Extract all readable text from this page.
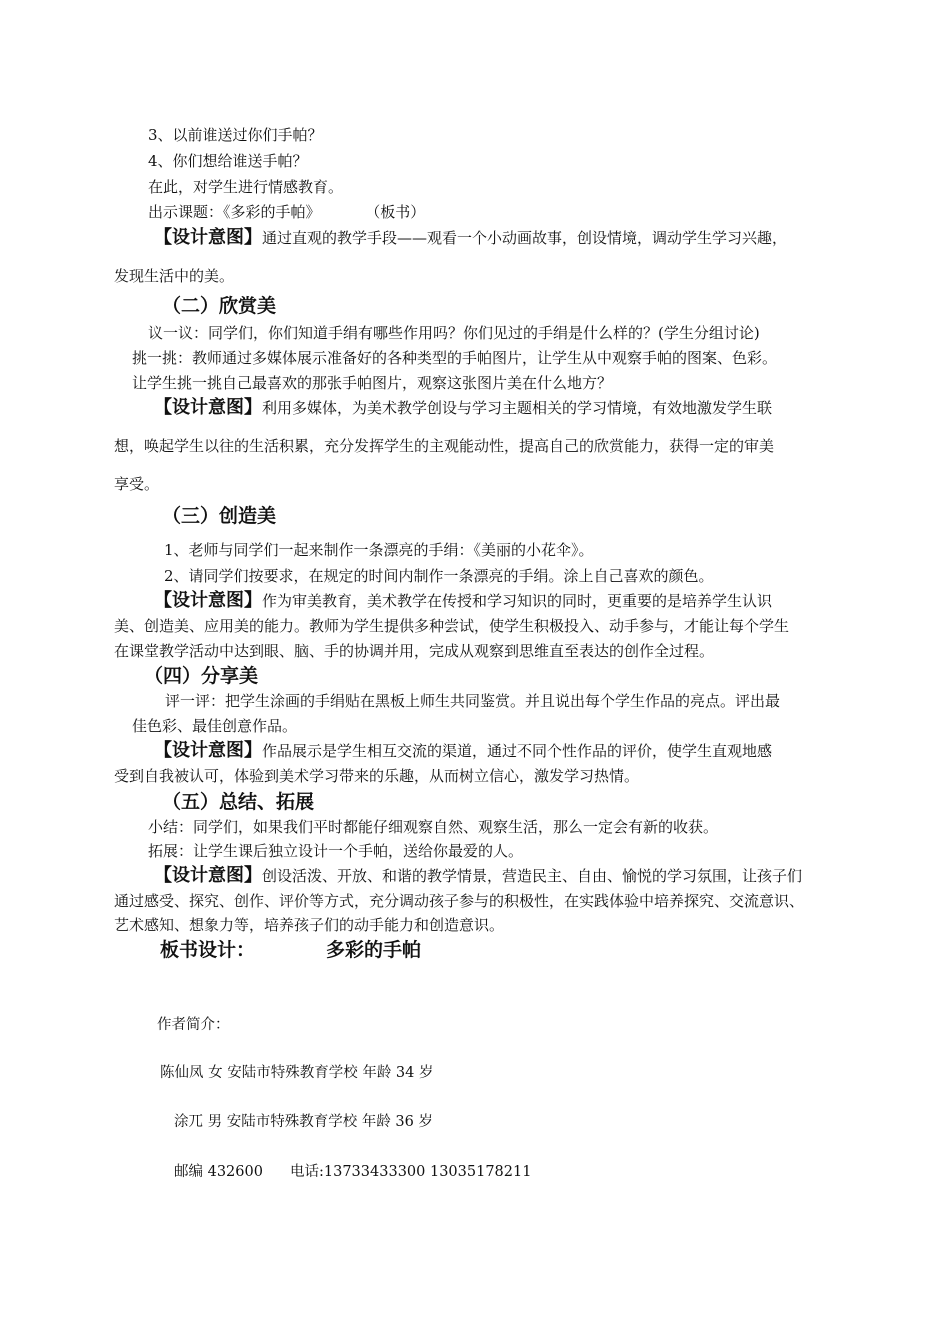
3、以前谁送过你们手帕？
4、你们想给谁送手帕？
在此，对学生进行情感教育。
出示课题：《多彩的手帕》	（板书）
【设计意图】通过直观的教学手段——观看一个小动画故事，创设情境，调动学生学习兴趣，
发现生活中的美。
（二）欣赏美
议一议：同学们，你们知道手绢有哪些作用吗？你们见过的手绢是什么样的？(学生分组讨论)
挑一挑：教师通过多媒体展示准备好的各种类型的手帕图片，让学生从中观察手帕的图案、色彩。
让学生挑一挑自己最喜欢的那张手帕图片，观察这张图片美在什么地方？
【设计意图】利用多媒体，为美术教学创设与学习主题相关的学习情境，有效地激发学生联
想，唤起学生以往的生活积累，充分发挥学生的主观能动性，提高自己的欣赏能力，获得一定的审美
享受。
（三）创造美
1、老师与同学们一起来制作一条漂亮的手绢：《美丽的小花伞》。
2、请同学们按要求，在规定的时间内制作一条漂亮的手绢。涂上自己喜欢的颜色。
【设计意图】作为审美教育，美术教学在传授和学习知识的同时，更重要的是培养学生认识
美、创造美、应用美的能力。教师为学生提供多种尝试，使学生积极投入、动手参与，才能让每个学生
在课堂教学活动中达到眼、脑、手的协调并用，完成从观察到思维直至表达的创作全过程。
（四）分享美
评一评：把学生涂画的手绢贴在黑板上师生共同鉴赏。并且说出每个学生作品的亮点。评出最
佳色彩、最佳创意作品。
【设计意图】作品展示是学生相互交流的渠道，通过不同个性作品的评价，使学生直观地感
受到自我被认可，体验到美术学习带来的乐趣，从而树立信心，激发学习热情。
（五）总结、拓展
小结：同学们，如果我们平时都能仔细观察自然、观察生活，那么一定会有新的收获。
拓展：让学生课后独立设计一个手帕，送给你最爱的人。
【设计意图】创设活泼、开放、和谐的教学情景，营造民主、自由、愉悦的学习氛围，让孩子们
通过感受、探究、创作、评价等方式，充分调动孩子参与的积极性，在实践体验中培养探究、交流意识、
艺术感知、想象力等，培养孩子们的动手能力和创造意识。
板书设计：	多彩的手帕
作者简介：
陈仙凤 女 安陆市特殊教育学校 年龄 34 岁
涂兀 男 安陆市特殊教育学校 年龄 36 岁
邮编 432600 电话:13733433300 13035178211
